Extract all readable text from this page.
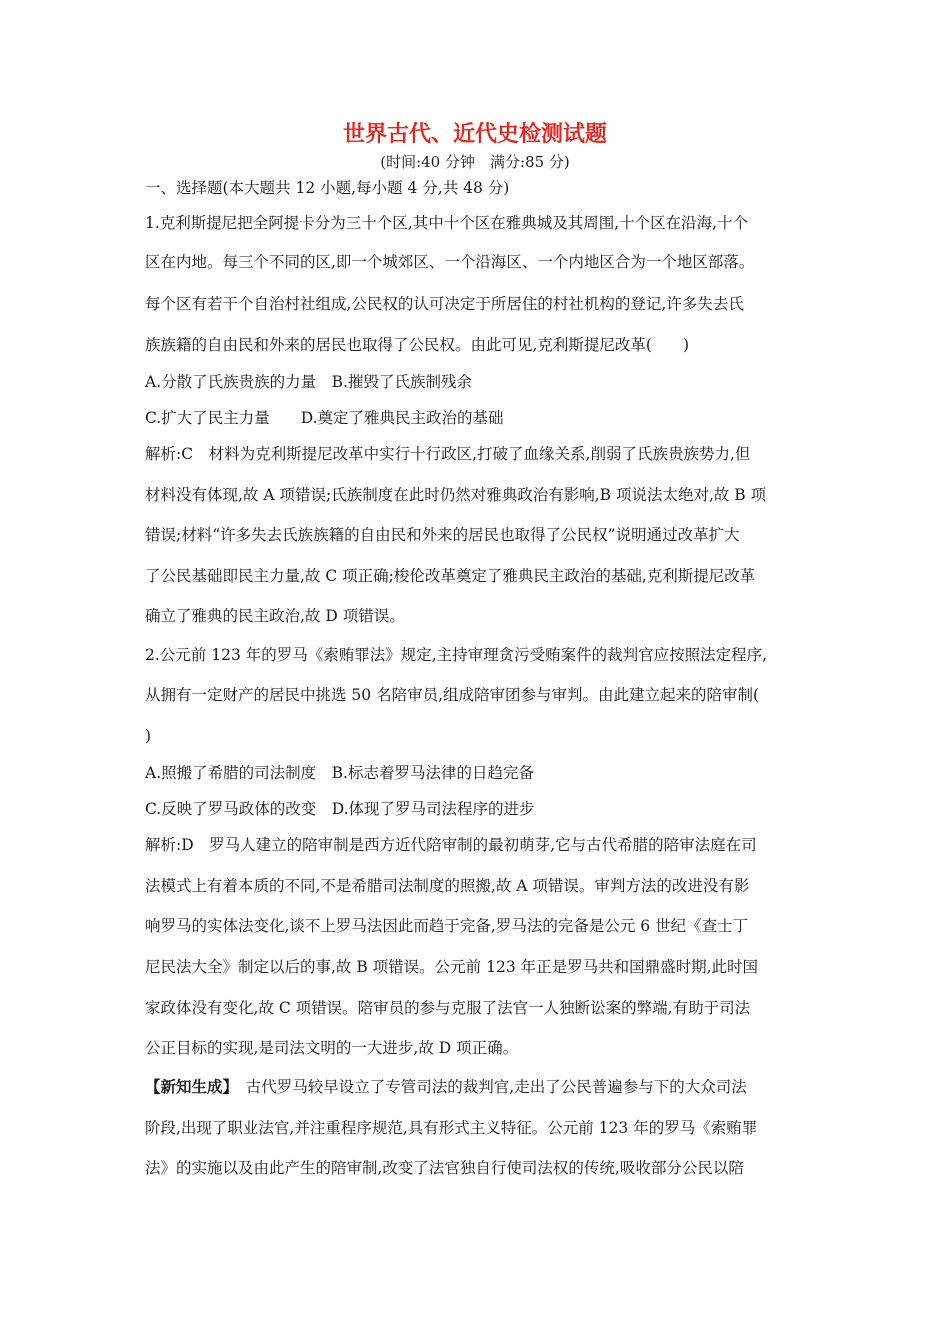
世界古代、近代史检测试题
(时间:40 分钟　满分:85 分)
一、选择题(本大题共 12 小题,每小题 4 分,共 48 分)
1.克利斯提尼把全阿提卡分为三十个区,其中十个区在雅典城及其周围,十个区在沿海,十个
区在内地。每三个不同的区,即一个城郊区、一个沿海区、一个内地区合为一个地区部落。
每个区有若干个自治村社组成,公民权的认可决定于所居住的村社机构的登记,许多失去氏
族族籍的自由民和外来的居民也取得了公民权。由此可见,克利斯提尼改革(　　)
A.分散了氏族贵族的力量　B.摧毁了氏族制残余
C.扩大了民主力量　　D.奠定了雅典民主政治的基础
解析:C　材料为克利斯提尼改革中实行十行政区,打破了血缘关系,削弱了氏族贵族势力,但
材料没有体现,故 A 项错误;氏族制度在此时仍然对雅典政治有影响,B 项说法太绝对,故 B 项
错误;材料“许多失去氏族族籍的自由民和外来的居民也取得了公民权”说明通过改革扩大
了公民基础即民主力量,故 C 项正确;梭伦改革奠定了雅典民主政治的基础,克利斯提尼改革
确立了雅典的民主政治,故 D 项错误。
2.公元前 123 年的罗马《索贿罪法》规定,主持审理贪污受贿案件的裁判官应按照法定程序,
从拥有一定财产的居民中挑选 50 名陪审员,组成陪审团参与审判。由此建立起来的陪审制(
)
A.照搬了希腊的司法制度　B.标志着罗马法律的日趋完备
C.反映了罗马政体的改变　D.体现了罗马司法程序的进步
解析:D　罗马人建立的陪审制是西方近代陪审制的最初萌芽,它与古代希腊的陪审法庭在司
法模式上有着本质的不同,不是希腊司法制度的照搬,故 A 项错误。审判方法的改进没有影
响罗马的实体法变化,谈不上罗马法因此而趋于完备,罗马法的完备是公元 6 世纪《查士丁
尼民法大全》制定以后的事,故 B 项错误。公元前 123 年正是罗马共和国鼎盛时期,此时国
家政体没有变化,故 C 项错误。陪审员的参与克服了法官一人独断讼案的弊端,有助于司法
公正目标的实现,是司法文明的一大进步,故 D 项正确。
【新知生成】　 古代罗马较早设立了专管司法的裁判官,走出了公民普遍参与下的大众司法
阶段,出现了职业法官,并注重程序规范,具有形式主义特征。公元前 123 年的罗马《索贿罪
法》的实施以及由此产生的陪审制,改变了法官独自行使司法权的传统,吸收部分公民以陪
